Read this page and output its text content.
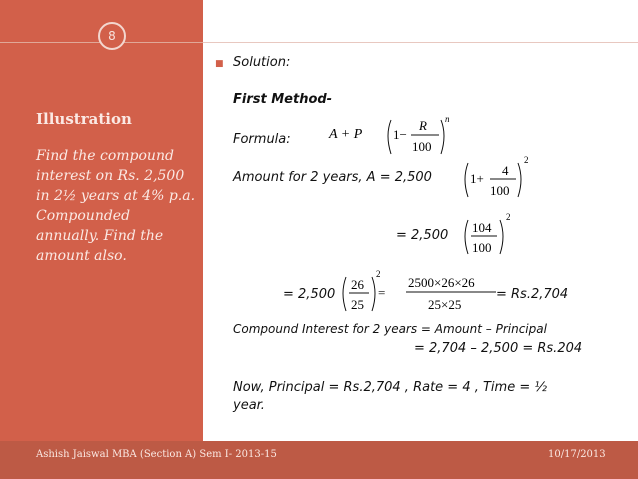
8
Illustration
Find the compound interest on Rs. 2,500 in 2½ years at 4% p.a. Compounded annually. Find the amount also.
■ Solution:
First Method-
Formula:	A + P 1−
R
100
n
Amount for 2 years, A = 2,500	1+
4
100
2
= 2,500
104
100
2
= 2,500
26
25
2
=
2500×26×26
25×25
= Rs.2,704
Compound Interest for 2 years = Amount – Principal
= 2,704 – 2,500 = Rs.204
Now, Principal = Rs.2,704 , Rate = 4 , Time = ½
year.
Ashish Jaiswal MBA (Section A) Sem I- 2013-15	10/17/2013
